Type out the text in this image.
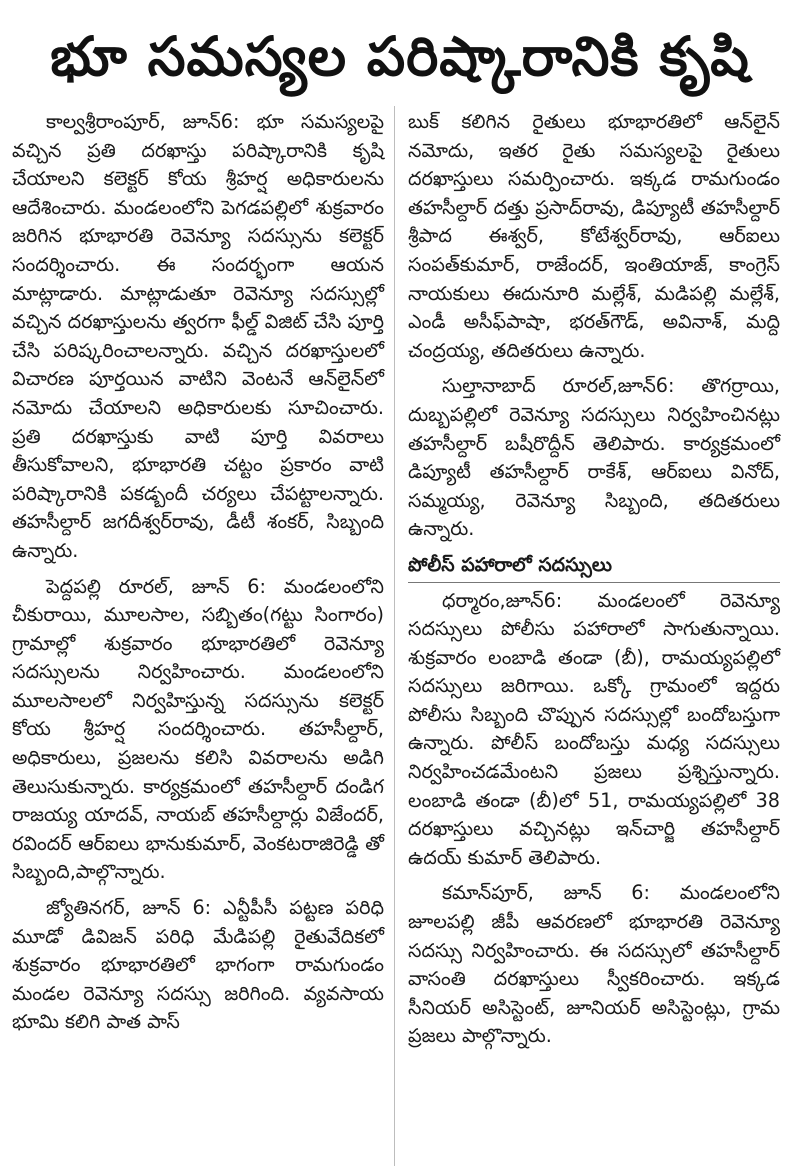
భూ సమస్యల పరిష్కారానికి కృషి

కాల్వశ్రీరాంపూర్, జూన్6: భూ సమస్యలపై వచ్చిన ప్రతి దరఖాస్తు పరిష్కారానికి కృషి చేయాలని కలెక్టర్ కోయ శ్రీహర్ష అధికారులను ఆదేశించారు. మండలంలోని పెగడపల్లిలో శుక్రవారం జరిగిన భూభారతి రెవెన్యూ సదస్సును కలెక్టర్ సందర్శించారు. ఈ సందర్భంగా ఆయన మాట్లాడారు. మాట్లాడుతూ రెవెన్యూ సదస్సుల్లో వచ్చిన దరఖాస్తులను త్వరగా ఫీల్డ్ విజిట్ చేసి పూర్తి చేసి పరిష్కరించాలన్నారు. వచ్చిన దరఖాస్తులలో విచారణ పూర్తయిన వాటిని వెంటనే ఆన్‌లైన్‌లో నమోదు చేయాలని అధికారులకు సూచించారు. ప్రతి దరఖాస్తుకు వాటి పూర్తి వివరాలు తీసుకోవాలని, భూభారతి చట్టం ప్రకారం వాటి పరిష్కారానికి పకడ్బందీ చర్యలు చేపట్టాలన్నారు. తహసీల్దార్ జగదీశ్వర్‌రావు, డీటీ శంకర్, సిబ్బంది ఉన్నారు.

పెద్దపల్లి రూరల్, జూన్ 6: మండలంలోని చీకురాయి, మూలసాల, సబ్బితం(గట్టు సింగారం) గ్రామాల్లో శుక్రవారం భూభారతిలో రెవెన్యూ సదస్సులను నిర్వహించారు. మండలంలోని మూలసాలలో నిర్వహిస్తున్న సదస్సును కలెక్టర్ కోయ శ్రీహర్ష సందర్శించారు. తహసీల్దార్, అధికారులు, ప్రజలను కలిసి వివరాలను అడిగి తెలుసుకున్నారు. కార్యక్రమంలో తహసీల్దార్ దండిగ రాజయ్య యాదవ్, నాయబ్ తహసీల్దార్లు విజేందర్, రవిందర్ ఆర్ఐలు భానుకుమార్, వెంకటరాజిరెడ్డి తో సిబ్బంది,పాల్గొన్నారు.

జ్యోతినగర్, జూన్ 6: ఎన్టీపీసీ పట్టణ పరిధి మూడో డివిజన్ పరిధి మేడిపల్లి రైతువేదికలో శుక్రవారం భూభారతిలో భాగంగా రామగుండం మండల రెవెన్యూ సదస్సు జరిగింది. వ్యవసాయ భూమి కలిగి పాత పాస్

బుక్ కలిగిన రైతులు భూభారతిలో ఆన్‌లైన్ నమోదు, ఇతర రైతు సమస్యలపై రైతులు దరఖాస్తులు సమర్పించారు. ఇక్కడ రామగుండం తహసీల్దార్ దత్తు ప్రసాద్‌రావు, డిప్యూటీ తహసీల్దార్ శ్రీపాద ఈశ్వర్, కోటేశ్వర్‌రావు, ఆర్ఐలు సంపత్‌కుమార్, రాజేందర్, ఇంతియాజ్, కాంగ్రెస్ నాయకులు ఈదునూరి మల్లేశ్, మడిపల్లి మల్లేశ్, ఎండీ అసీఫ్‌పాషా, భరత్‌గౌడ్, అవినాశ్, మద్ది చంద్రయ్య, తదితరులు ఉన్నారు.

సుల్తానాబాద్ రూరల్,జూన్6: తొగర్రాయి, దుబ్బపల్లిలో రెవెన్యూ సదస్సులు నిర్వహించినట్లు తహసీల్దార్ బషీరొద్దీన్ తెలిపారు. కార్యక్రమంలో డిప్యూటీ తహసీల్దార్ రాకేశ్, ఆర్ఐలు వినోద్, సమ్మయ్య, రెవెన్యూ సిబ్బంది, తదితరులు ఉన్నారు.

పోలీస్ పహారాలో సదస్సులు

ధర్మారం,జూన్6: మండలంలో రెవెన్యూ సదస్సులు పోలీసు పహారాలో సాగుతున్నాయి. శుక్రవారం లంబాడి తండా (బీ), రామయ్యపల్లిలో సదస్సులు జరిగాయి. ఒక్కో గ్రామంలో ఇద్దరు పోలీసు సిబ్బంది చొప్పున సదస్సుల్లో బందోబస్తుగా ఉన్నారు. పోలీస్ బందోబస్తు మధ్య సదస్సులు నిర్వహించడమేంటని ప్రజలు ప్రశ్నిస్తున్నారు. లంబాడి తండా (బీ)లో 51, రామయ్యపల్లిలో 38 దరఖాస్తులు వచ్చినట్లు ఇన్‌చార్జి తహసీల్దార్ ఉదయ్ కుమార్ తెలిపారు.

కమాన్‌పూర్, జూన్ 6: మండలంలోని జూలపల్లి జీపీ ఆవరణలో భూభారతి రెవెన్యూ సదస్సు నిర్వహించారు. ఈ సదస్సులో తహసీల్దార్ వాసంతి దరఖాస్తులు స్వీకరించారు. ఇక్కడ సీనియర్ అసిస్టెంట్, జూనియర్ అసిస్టెంట్లు, గ్రామ ప్రజలు పాల్గొన్నారు.
